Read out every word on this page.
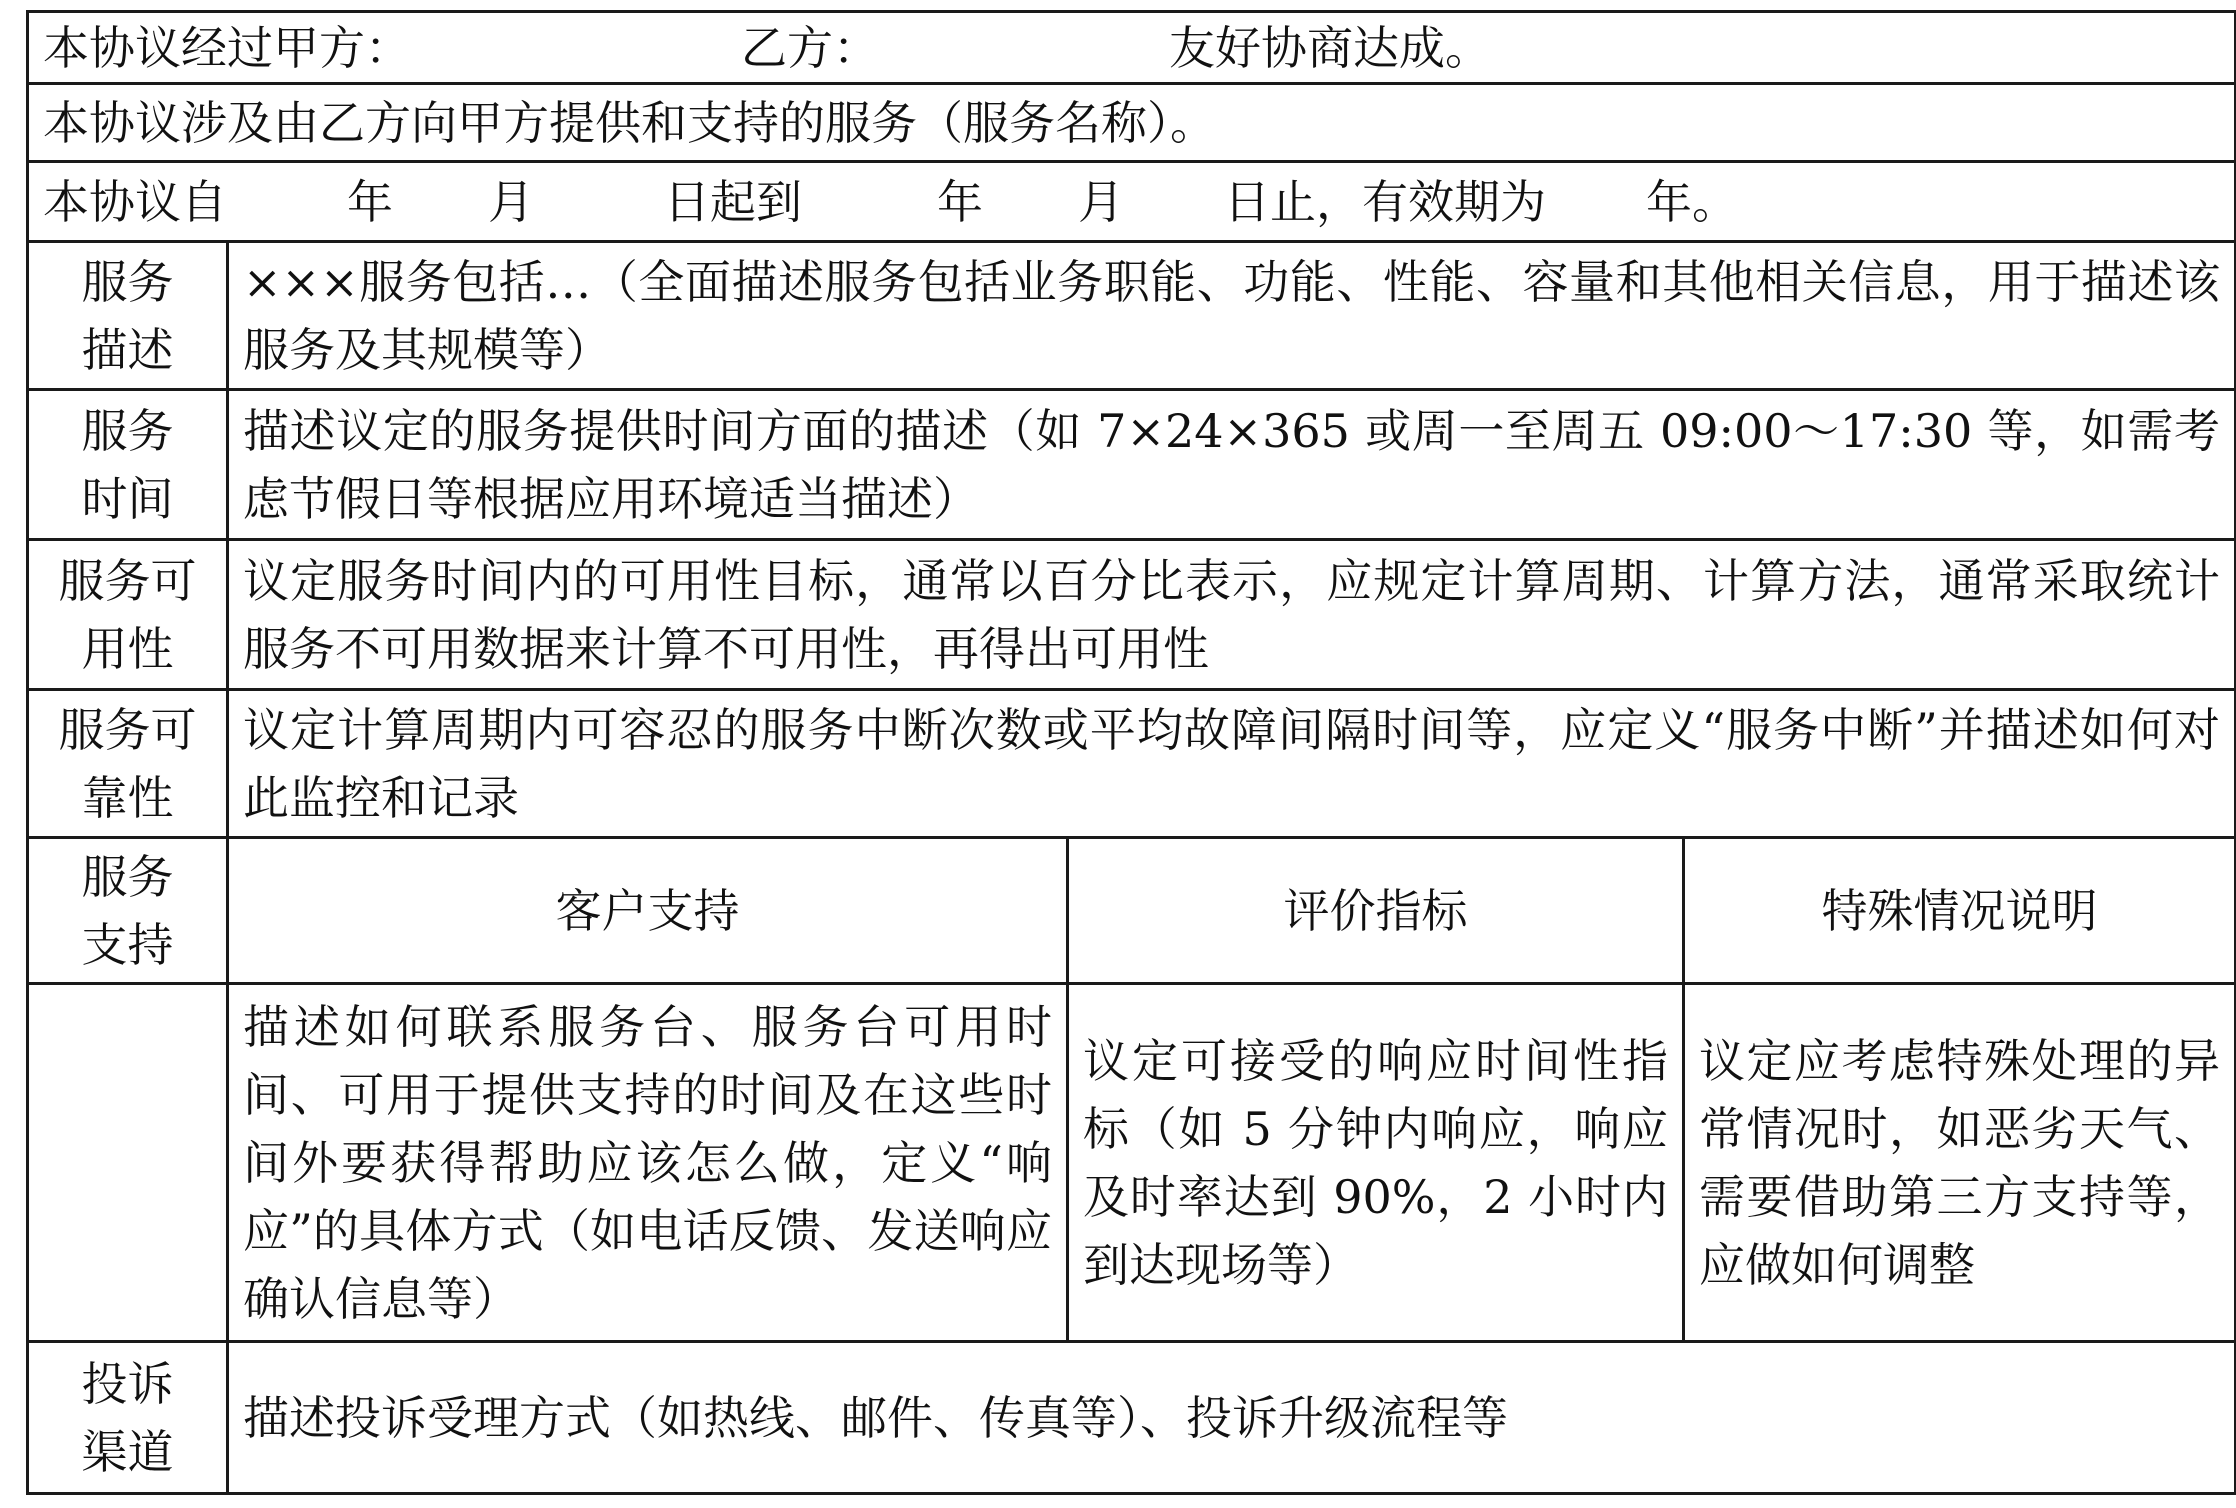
本协议经过甲方： 乙方： 友好协商达成。			
本协议涉及由乙方向甲方提供和支持的服务（服务名称）。			
本协议自 年 月 日起到 年 月 日止，有效期为 年。			

服务
描述	×××服务包括…（全面描述服务包括业务职能、功能、性能、容量和其他相关信息，用于描述该服务及其规模等）		

服务
时间	描述议定的服务提供时间方面的描述（如 7×24×365 或周一至周五 09:00～17:30 等，如需考虑节假日等根据应用环境适当描述）		

服务可
用性	议定服务时间内的可用性目标，通常以百分比表示，应规定计算周期、计算方法，通常采取统计服务不可用数据来计算不可用性，再得出可用性		

服务可
靠性	议定计算周期内可容忍的服务中断次数或平均故障间隔时间等，应定义“服务中断”并描述如何对此监控和记录		

服务
支持	客户支持	评价指标	特殊情况说明
	描述如何联系服务台、服务台可用时间、可用于提供支持的时间及在这些时间外要获得帮助应该怎么做，定义“响应”的具体方式（如电话反馈、发送响应确认信息等）	议定可接受的响应时间性指标（如 5 分钟内响应，响应及时率达到 90%，2 小时内到达现场等）	议定应考虑特殊处理的异常情况时，如恶劣天气、需要借助第三方支持等，应做如何调整

投诉
渠道	描述投诉受理方式（如热线、邮件、传真等）、投诉升级流程等		
